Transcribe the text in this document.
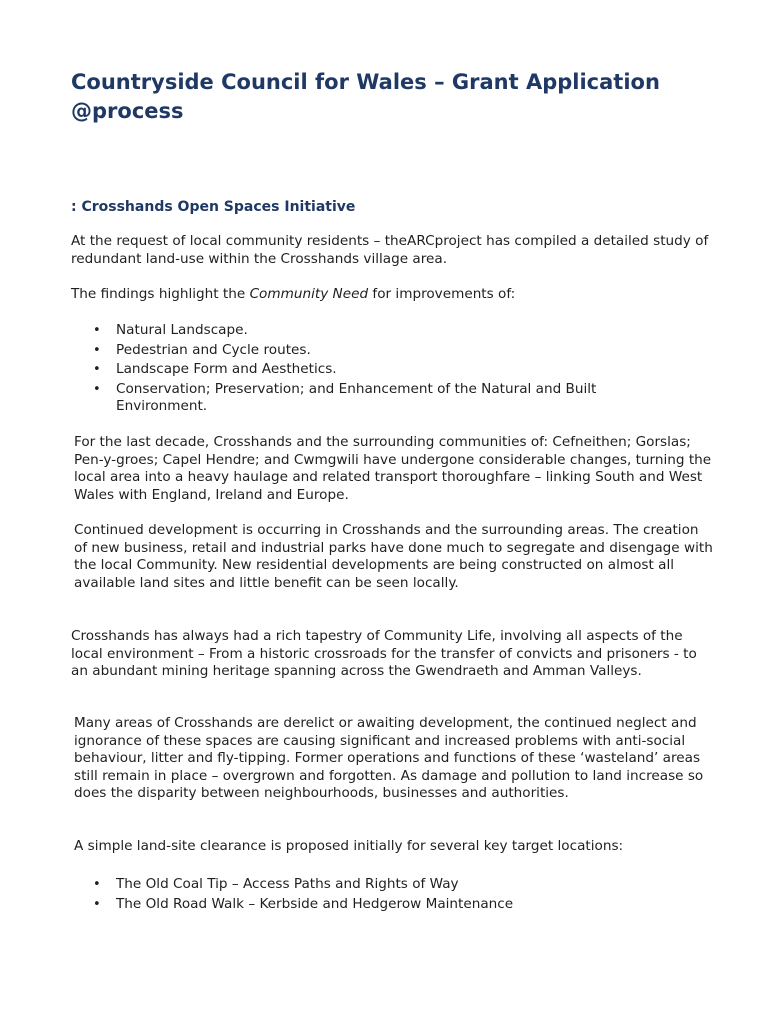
Countryside Council for Wales – Grant Application @process
: Crosshands Open Spaces Initiative

At the request of local community residents – theARCproject has compiled a detailed study of redundant land-use within the Crosshands village area.

The findings highlight the Community Need for improvements of:

• Natural Landscape.
• Pedestrian and Cycle routes.
• Landscape Form and Aesthetics.
• Conservation; Preservation; and Enhancement of the Natural and Built Environment.

For the last decade, Crosshands and the surrounding communities of: Cefneithen; Gorslas; Pen-y-groes; Capel Hendre; and Cwmgwili have undergone considerable changes, turning the local area into a heavy haulage and related transport thoroughfare – linking South and West Wales with England, Ireland and Europe.

Continued development is occurring in Crosshands and the surrounding areas. The creation of new business, retail and industrial parks have done much to segregate and disengage with the local Community. New residential developments are being constructed on almost all available land sites and little benefit can be seen locally.

Crosshands has always had a rich tapestry of Community Life, involving all aspects of the local environment – From a historic crossroads for the transfer of convicts and prisoners - to an abundant mining heritage spanning across the Gwendraeth and Amman Valleys.

Many areas of Crosshands are derelict or awaiting development, the continued neglect and ignorance of these spaces are causing significant and increased problems with anti-social behaviour, litter and fly-tipping. Former operations and functions of these ‘wasteland’ areas still remain in place – overgrown and forgotten. As damage and pollution to land increase so does the disparity between neighbourhoods, businesses and authorities.

A simple land-site clearance is proposed initially for several key target locations:

• The Old Coal Tip – Access Paths and Rights of Way
• The Old Road Walk – Kerbside and Hedgerow Maintenance
